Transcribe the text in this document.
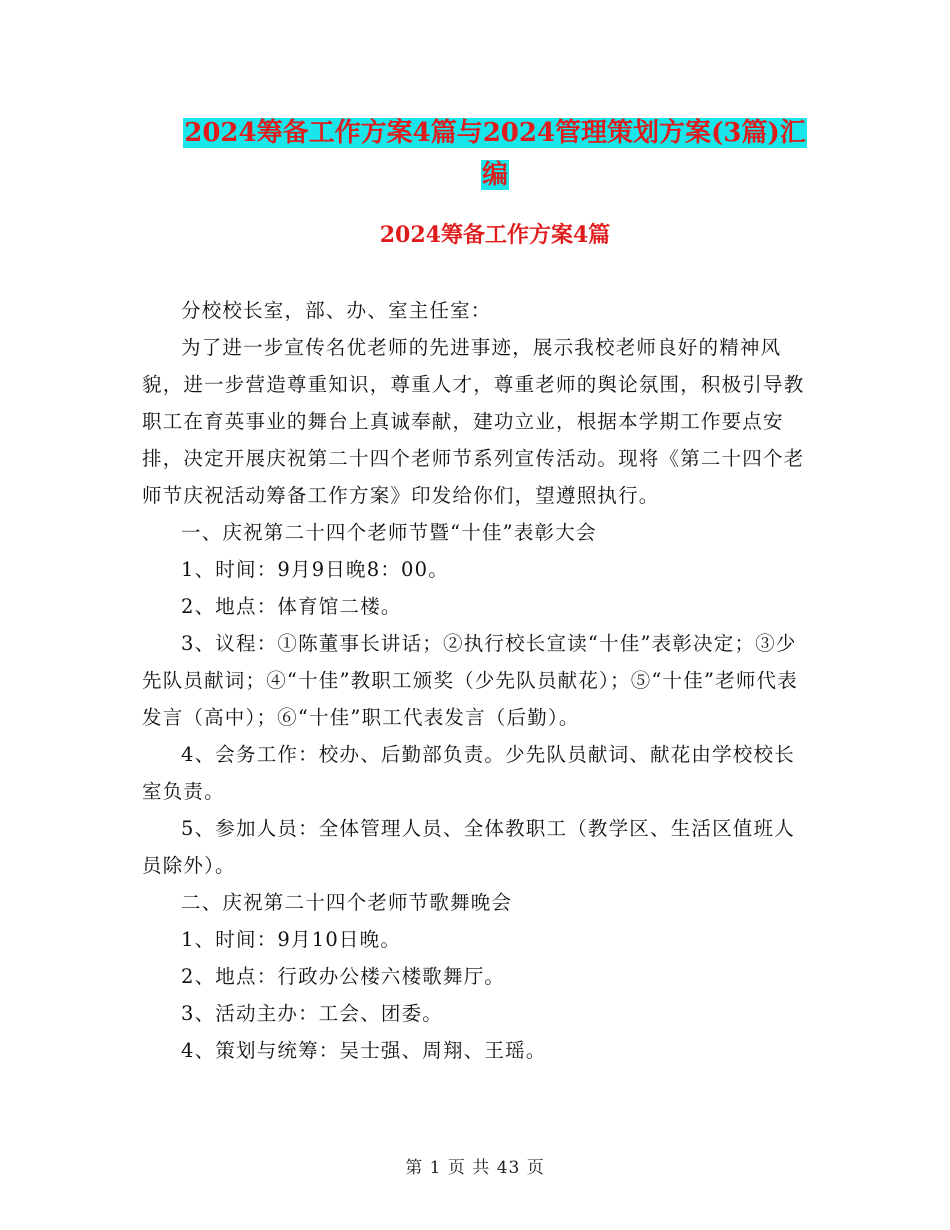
2024筹备工作方案4篇与2024管理策划方案(3篇)汇
编
2024筹备工作方案4篇

分校校长室，部、办、室主任室：

为了进一步宣传名优老师的先进事迹，展示我校老师良好的精神风貌，进一步营造尊重知识，尊重人才，尊重老师的舆论氛围，积极引导教职工在育英事业的舞台上真诚奉献，建功立业，根据本学期工作要点安排，决定开展庆祝第二十四个老师节系列宣传活动。现将《第二十四个老师节庆祝活动筹备工作方案》印发给你们，望遵照执行。

一、庆祝第二十四个老师节暨“十佳”表彰大会

1、时间：9月9日晚8：00。

2、地点：体育馆二楼。

3、议程：①陈董事长讲话；②执行校长宣读“十佳”表彰决定；③少先队员献词；④“十佳”教职工颁奖（少先队员献花）；⑤“十佳”老师代表发言（高中）；⑥“十佳”职工代表发言（后勤）。

4、会务工作：校办、后勤部负责。少先队员献词、献花由学校校长室负责。

5、参加人员：全体管理人员、全体教职工（教学区、生活区值班人员除外）。

二、庆祝第二十四个老师节歌舞晚会

1、时间：9月10日晚。

2、地点：行政办公楼六楼歌舞厅。

3、活动主办：工会、团委。

4、策划与统筹：吴士强、周翔、王瑶。

第 1 页 共 43 页
